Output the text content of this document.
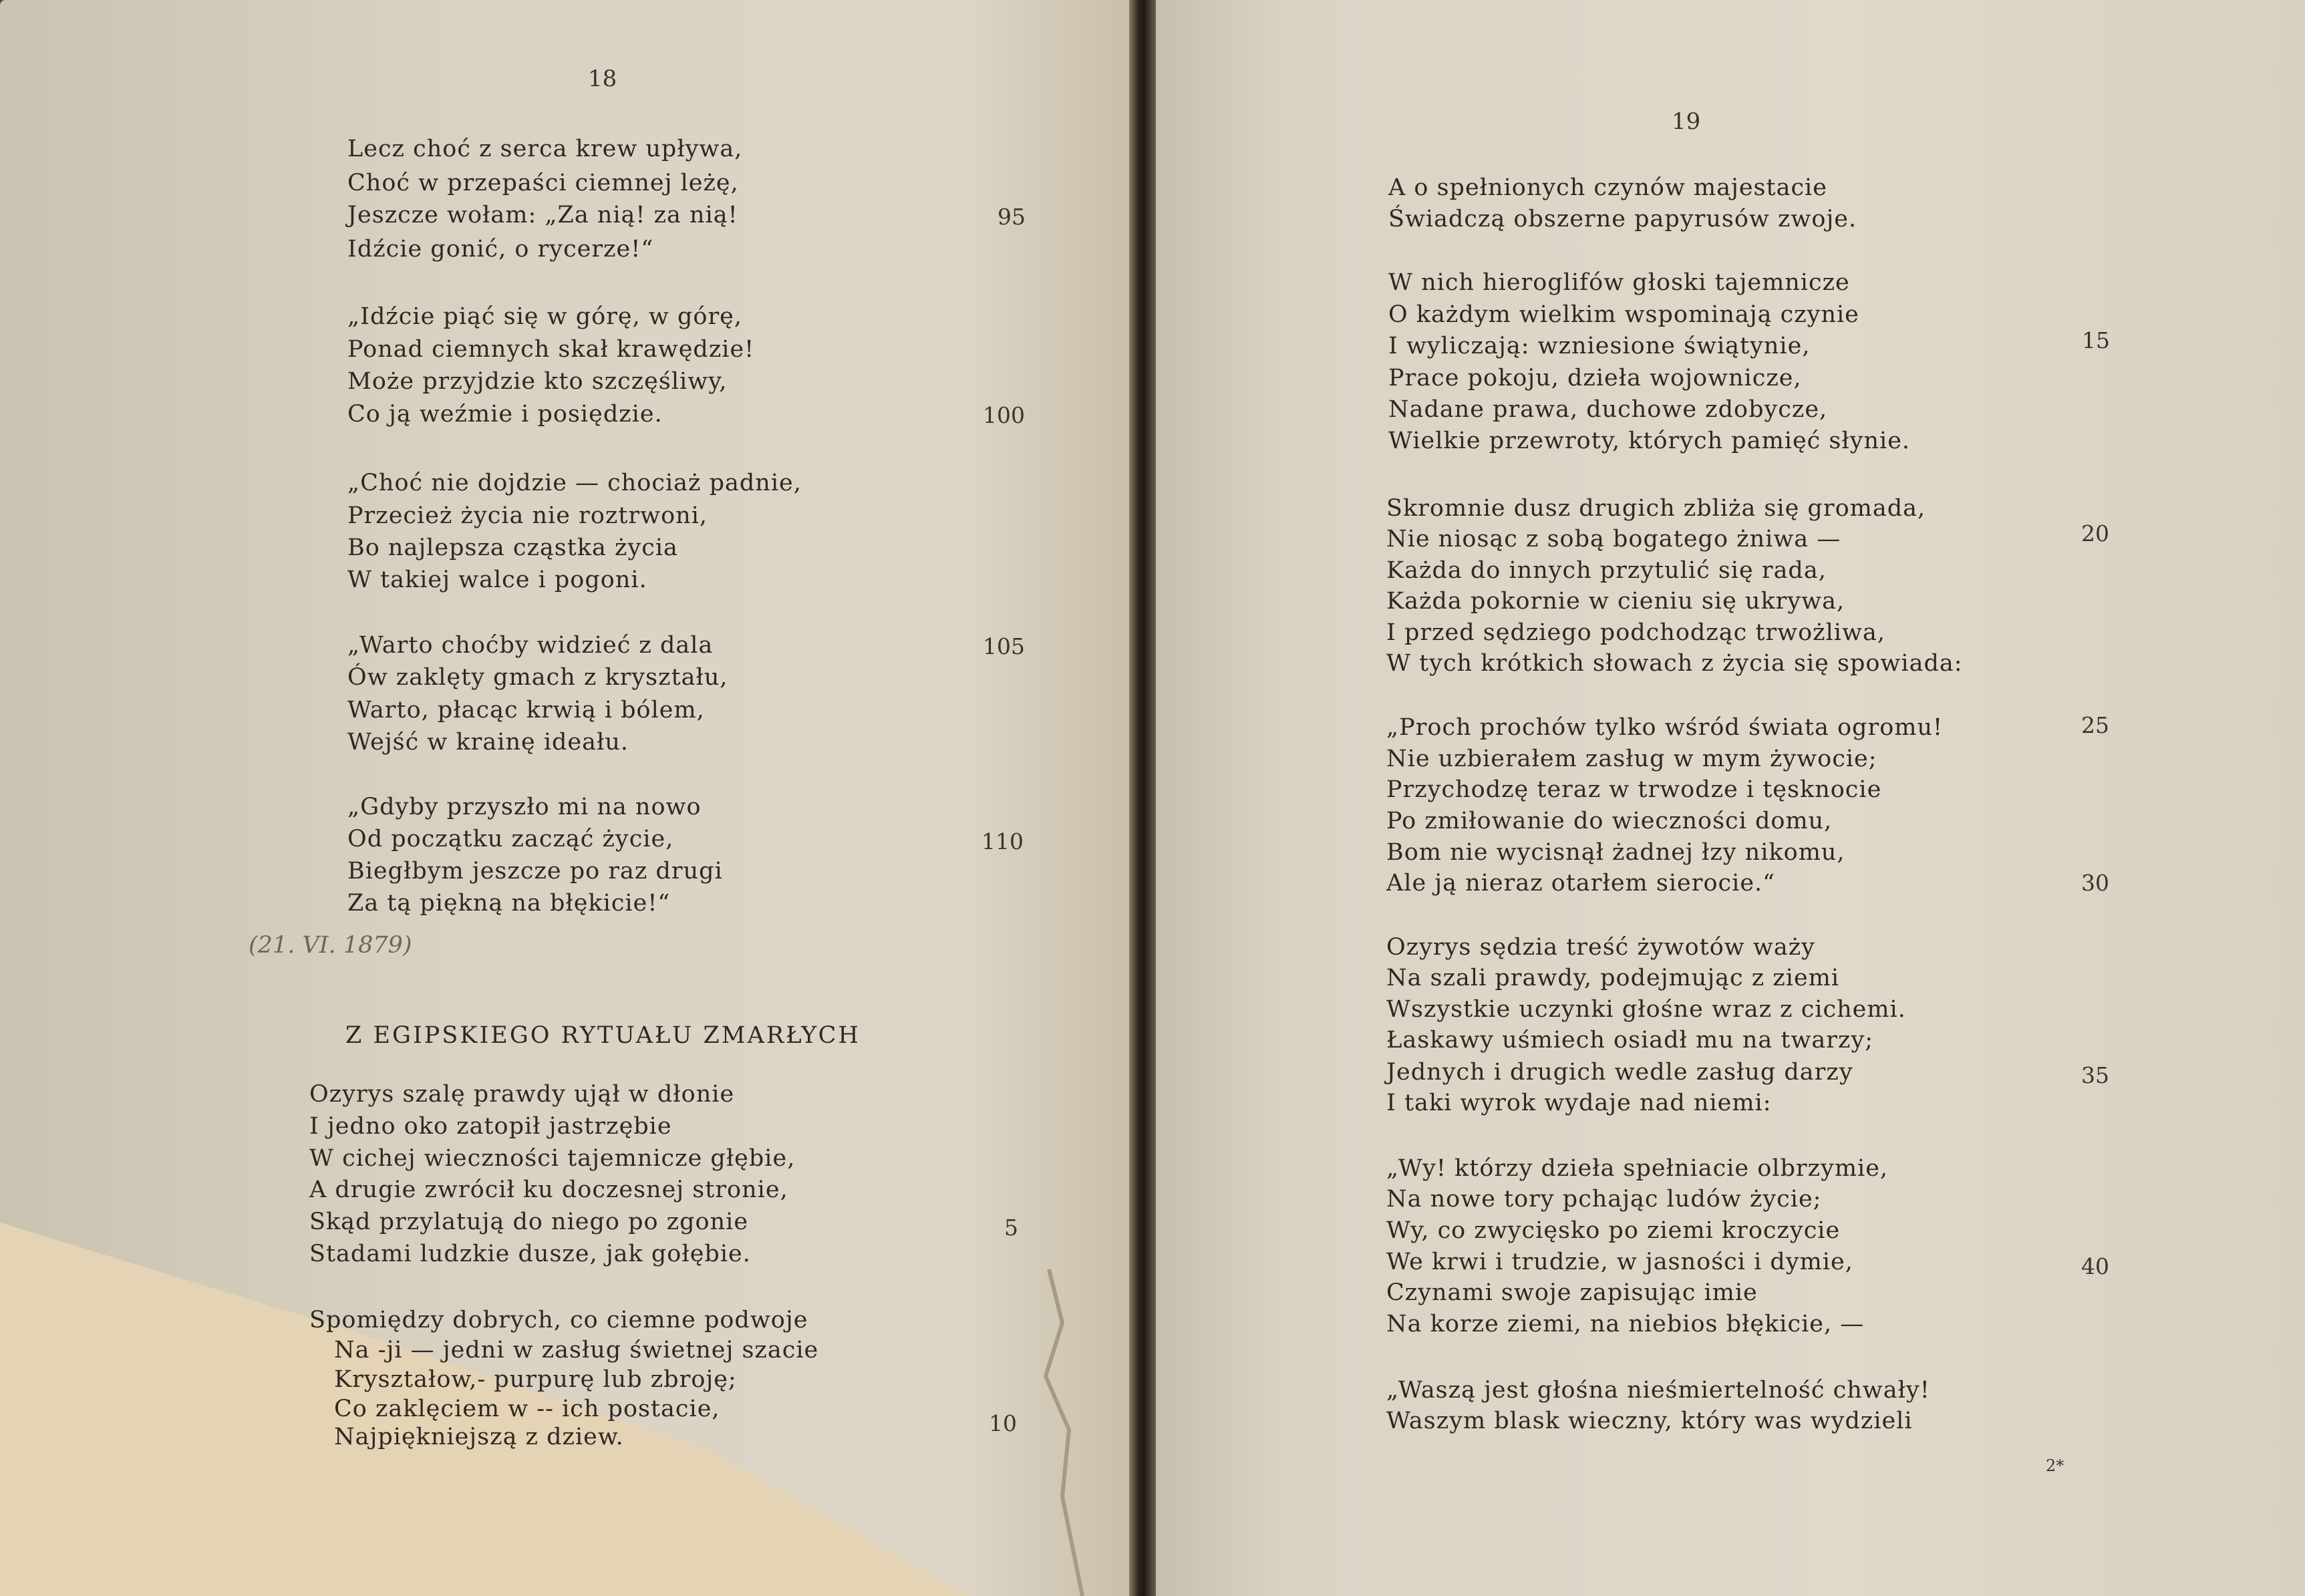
18
Lecz choć z serca krew upływa,
Choć w przepaści ciemnej leżę,
Jeszcze wołam: „Za nią! za nią!
Idźcie gonić, o rycerze!“
„Idźcie piąć się w górę, w górę,
Ponad ciemnych skał krawędzie!
Może przyjdzie kto szczęśliwy,
Co ją weźmie i posiędzie.
„Choć nie dojdzie — chociaż padnie,
Przecież życia nie roztrwoni,
Bo najlepsza cząstka życia
W takiej walce i pogoni.
„Warto choćby widzieć z dala
Ów zaklęty gmach z kryształu,
Warto, płacąc krwią i bólem,
Wejść w krainę ideału.
„Gdyby przyszło mi na nowo
Od początku zacząć życie,
Biegłbym jeszcze po raz drugi
Za tą piękną na błękicie!“
95
100
105
110
(21. VI. 1879)
Z EGIPSKIEGO RYTUAŁU ZMARŁYCH
Ozyrys szalę prawdy ujął w dłonie
I jedno oko zatopił jastrzębie
W cichej wieczności tajemnicze głębie,
A drugie zwrócił ku doczesnej stronie,
Skąd przylatują do niego po zgonie
Stadami ludzkie dusze, jak gołębie.
Spomiędzy dobrych, co ciemne podwoje
Na -ji — jedni w zasług świetnej szacie
Kryształow,- purpurę lub zbroję;
Co zaklęciem w -- ich postacie,
Najpiękniejszą z dziew.
5
10
19
A o spełnionych czynów majestacie
Świadczą obszerne papyrusów zwoje.
W nich hieroglifów głoski tajemnicze
O każdym wielkim wspominają czynie
I wyliczają: wzniesione świątynie,
Prace pokoju, dzieła wojownicze,
Nadane prawa, duchowe zdobycze,
Wielkie przewroty, których pamięć słynie.
Skromnie dusz drugich zbliża się gromada,
Nie niosąc z sobą bogatego żniwa —
Każda do innych przytulić się rada,
Każda pokornie w cieniu się ukrywa,
I przed sędziego podchodząc trwożliwa,
W tych krótkich słowach z życia się spowiada:
„Proch prochów tylko wśród świata ogromu!
Nie uzbierałem zasług w mym żywocie;
Przychodzę teraz w trwodze i tęsknocie
Po zmiłowanie do wieczności domu,
Bom nie wycisnął żadnej łzy nikomu,
Ale ją nieraz otarłem sierocie.“
Ozyrys sędzia treść żywotów waży
Na szali prawdy, podejmując z ziemi
Wszystkie uczynki głośne wraz z cichemi.
Łaskawy uśmiech osiadł mu na twarzy;
Jednych i drugich wedle zasług darzy
I taki wyrok wydaje nad niemi:
„Wy! którzy dzieła spełniacie olbrzymie,
Na nowe tory pchając ludów życie;
Wy, co zwycięsko po ziemi kroczycie
We krwi i trudzie, w jasności i dymie,
Czynami swoje zapisując imie
Na korze ziemi, na niebios błękicie, —
„Waszą jest głośna nieśmiertelność chwały!
Waszym blask wieczny, który was wydzieli
15
20
25
30
35
40
2*
